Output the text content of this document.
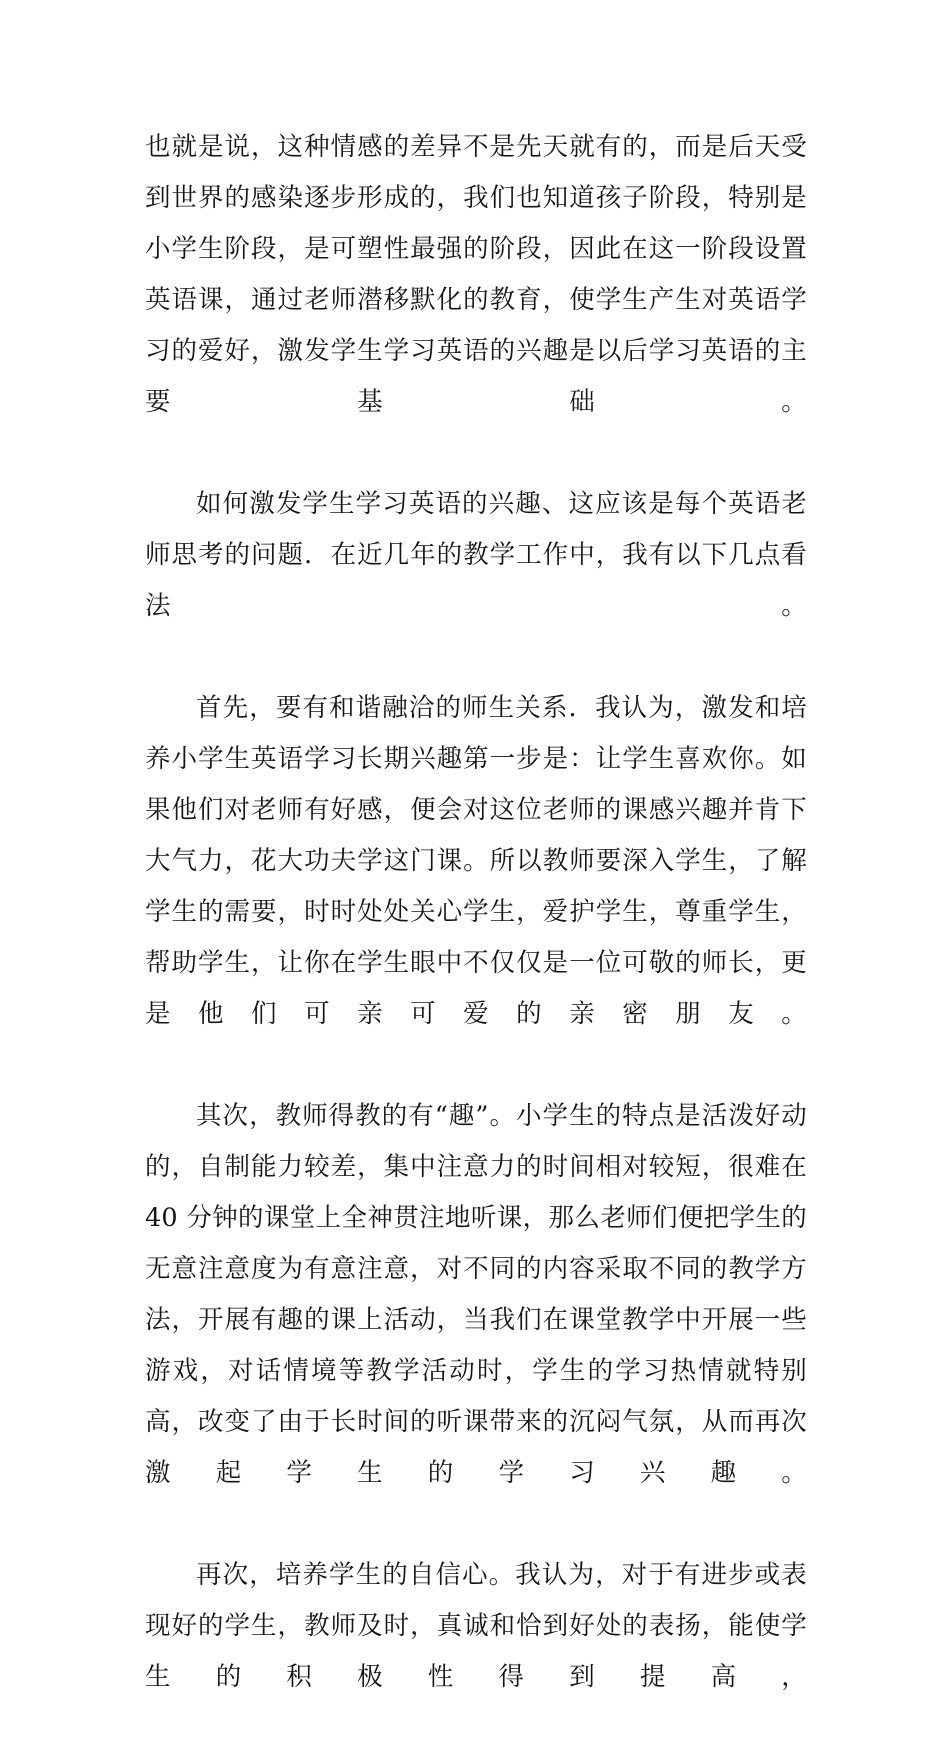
也就是说，这种情感的差异不是先天就有的，而是后天受到世界的感染逐步形成的，我们也知道孩子阶段，特别是小学生阶段，是可塑性最强的阶段，因此在这一阶段设置英语课，通过老师潜移默化的教育，使学生产生对英语学习的爱好，激发学生学习英语的兴趣是以后学习英语的主要基础。

如何激发学生学习英语的兴趣、这应该是每个英语老师思考的问题．在近几年的教学工作中，我有以下几点看法。

首先，要有和谐融洽的师生关系．我认为，激发和培养小学生英语学习长期兴趣第一步是：让学生喜欢你。如果他们对老师有好感，便会对这位老师的课感兴趣并肯下大气力，花大功夫学这门课。所以教师要深入学生，了解学生的需要，时时处处关心学生，爱护学生，尊重学生，帮助学生，让你在学生眼中不仅仅是一位可敬的师长，更是他们可亲可爱的亲密朋友。

其次，教师得教的有“趣”。小学生的特点是活泼好动的，自制能力较差，集中注意力的时间相对较短，很难在 40 分钟的课堂上全神贯注地听课，那么老师们便把学生的无意注意度为有意注意，对不同的内容采取不同的教学方法，开展有趣的课上活动，当我们在课堂教学中开展一些游戏，对话情境等教学活动时，学生的学习热情就特别高，改变了由于长时间的听课带来的沉闷气氛，从而再次激起学生的学习兴趣。

再次，培养学生的自信心。我认为，对于有进步或表现好的学生，教师及时，真诚和恰到好处的表扬，能使学生的积极性得到提高，
